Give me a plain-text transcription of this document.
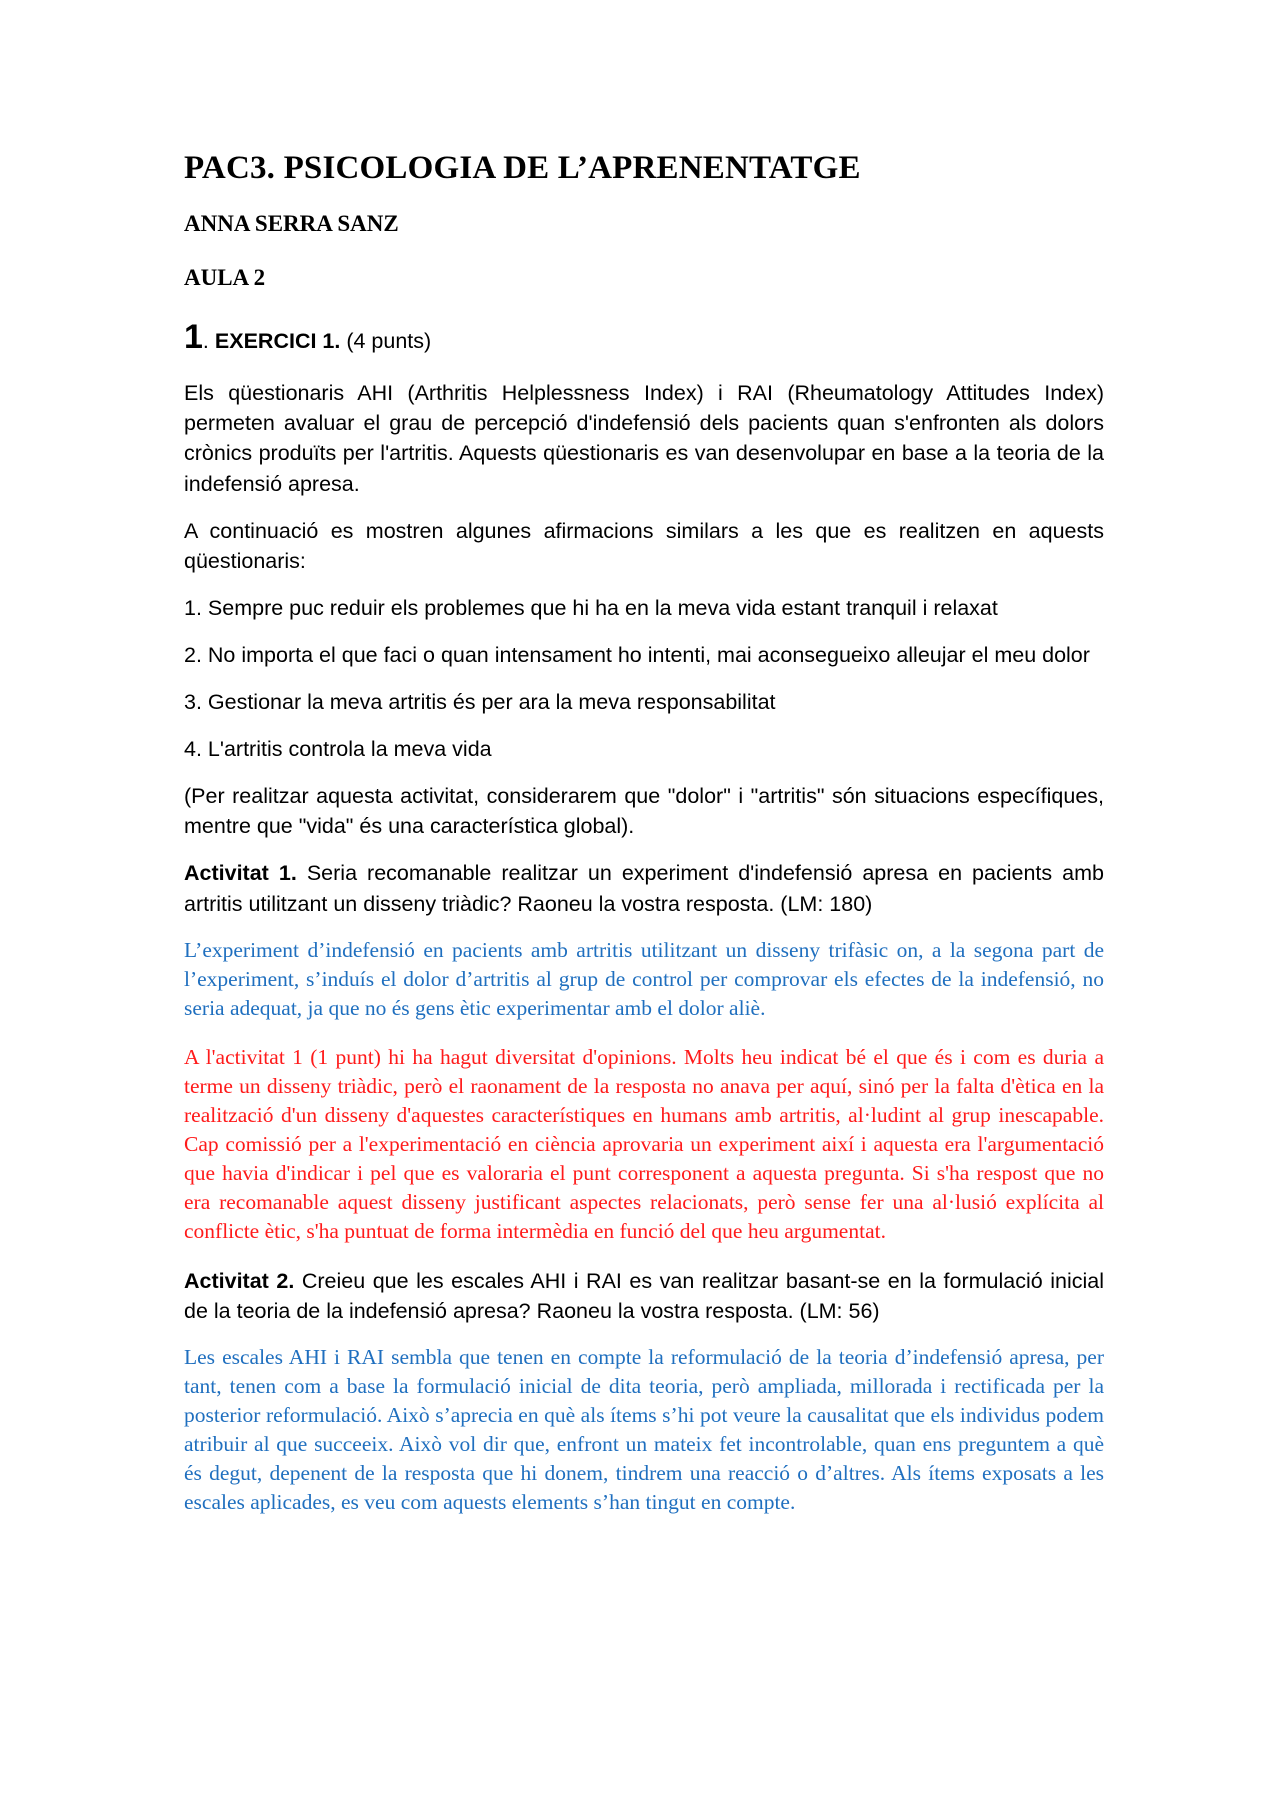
PAC3. PSICOLOGIA DE L’APRENENTATGE
ANNA SERRA SANZ
AULA 2
1. EXERCICI 1. (4 punts)

Els qüestionaris AHI (Arthritis Helplessness Index) i RAI (Rheumatology Attitudes Index)    permeten avaluar el grau de percepció d'indefensió dels pacients quan s'enfronten als dolors crònics produïts per l'artritis. Aquests qüestionaris es van desenvolupar en base a la teoria de la indefensió apresa.

A continuació es mostren algunes afirmacions similars a les que es realitzen en aquests qüestionaris:

1. Sempre puc reduir els problemes que hi ha en la meva vida estant tranquil i relaxat

2. No importa el que faci o quan intensament ho intenti, mai aconsegueixo alleujar el meu dolor

3. Gestionar la meva artritis és per ara la meva responsabilitat

4. L'artritis controla la meva vida

(Per realitzar aquesta activitat, considerarem que "dolor" i "artritis" són situacions específiques, mentre que "vida" és una característica global).

Activitat 1. Seria recomanable realitzar un experiment d'indefensió apresa en pacients amb artritis utilitzant un disseny triàdic? Raoneu la vostra resposta. (LM: 180)

L’experiment d’indefensió en pacients amb artritis utilitzant un disseny trifàsic on, a la segona part de l’experiment, s’induís el dolor d’artritis al grup de control per comprovar els efectes de la indefensió, no seria adequat, ja que no és gens ètic experimentar amb el dolor aliè.

A l'activitat 1 (1 punt) hi ha hagut diversitat d'opinions. Molts heu indicat bé el que és i com es duria a terme un disseny triàdic, però el raonament de la resposta no anava per aquí, sinó per la falta d'ètica en la realització d'un disseny d'aquestes característiques en humans amb artritis, al·ludint al grup inescapable. Cap comissió per a l'experimentació en ciència aprovaria un experiment així i aquesta era l'argumentació que havia d'indicar i pel que es valoraria el punt corresponent a aquesta pregunta. Si s'ha respost que no era recomanable aquest disseny justificant aspectes relacionats, però sense fer una al·lusió explícita al conflicte ètic, s'ha puntuat de forma intermèdia en funció del que heu argumentat.

Activitat 2. Creieu que les escales AHI i RAI es van realitzar basant-se en la formulació inicial de la teoria de la indefensió apresa? Raoneu la vostra resposta. (LM: 56)

Les escales AHI i RAI sembla que tenen en compte la reformulació de la teoria d’indefensió apresa, per tant, tenen com a base la formulació inicial de dita teoria, però ampliada, millorada i rectificada per la posterior reformulació. Això s’aprecia en què als ítems s’hi pot veure la causalitat que els individus podem atribuir al que succeeix. Això vol dir que, enfront un mateix fet incontrolable, quan ens preguntem a què és degut, depenent de la resposta que hi donem, tindrem una reacció o d’altres. Als ítems exposats a les escales aplicades, es veu com aquests elements s’han tingut en compte.
